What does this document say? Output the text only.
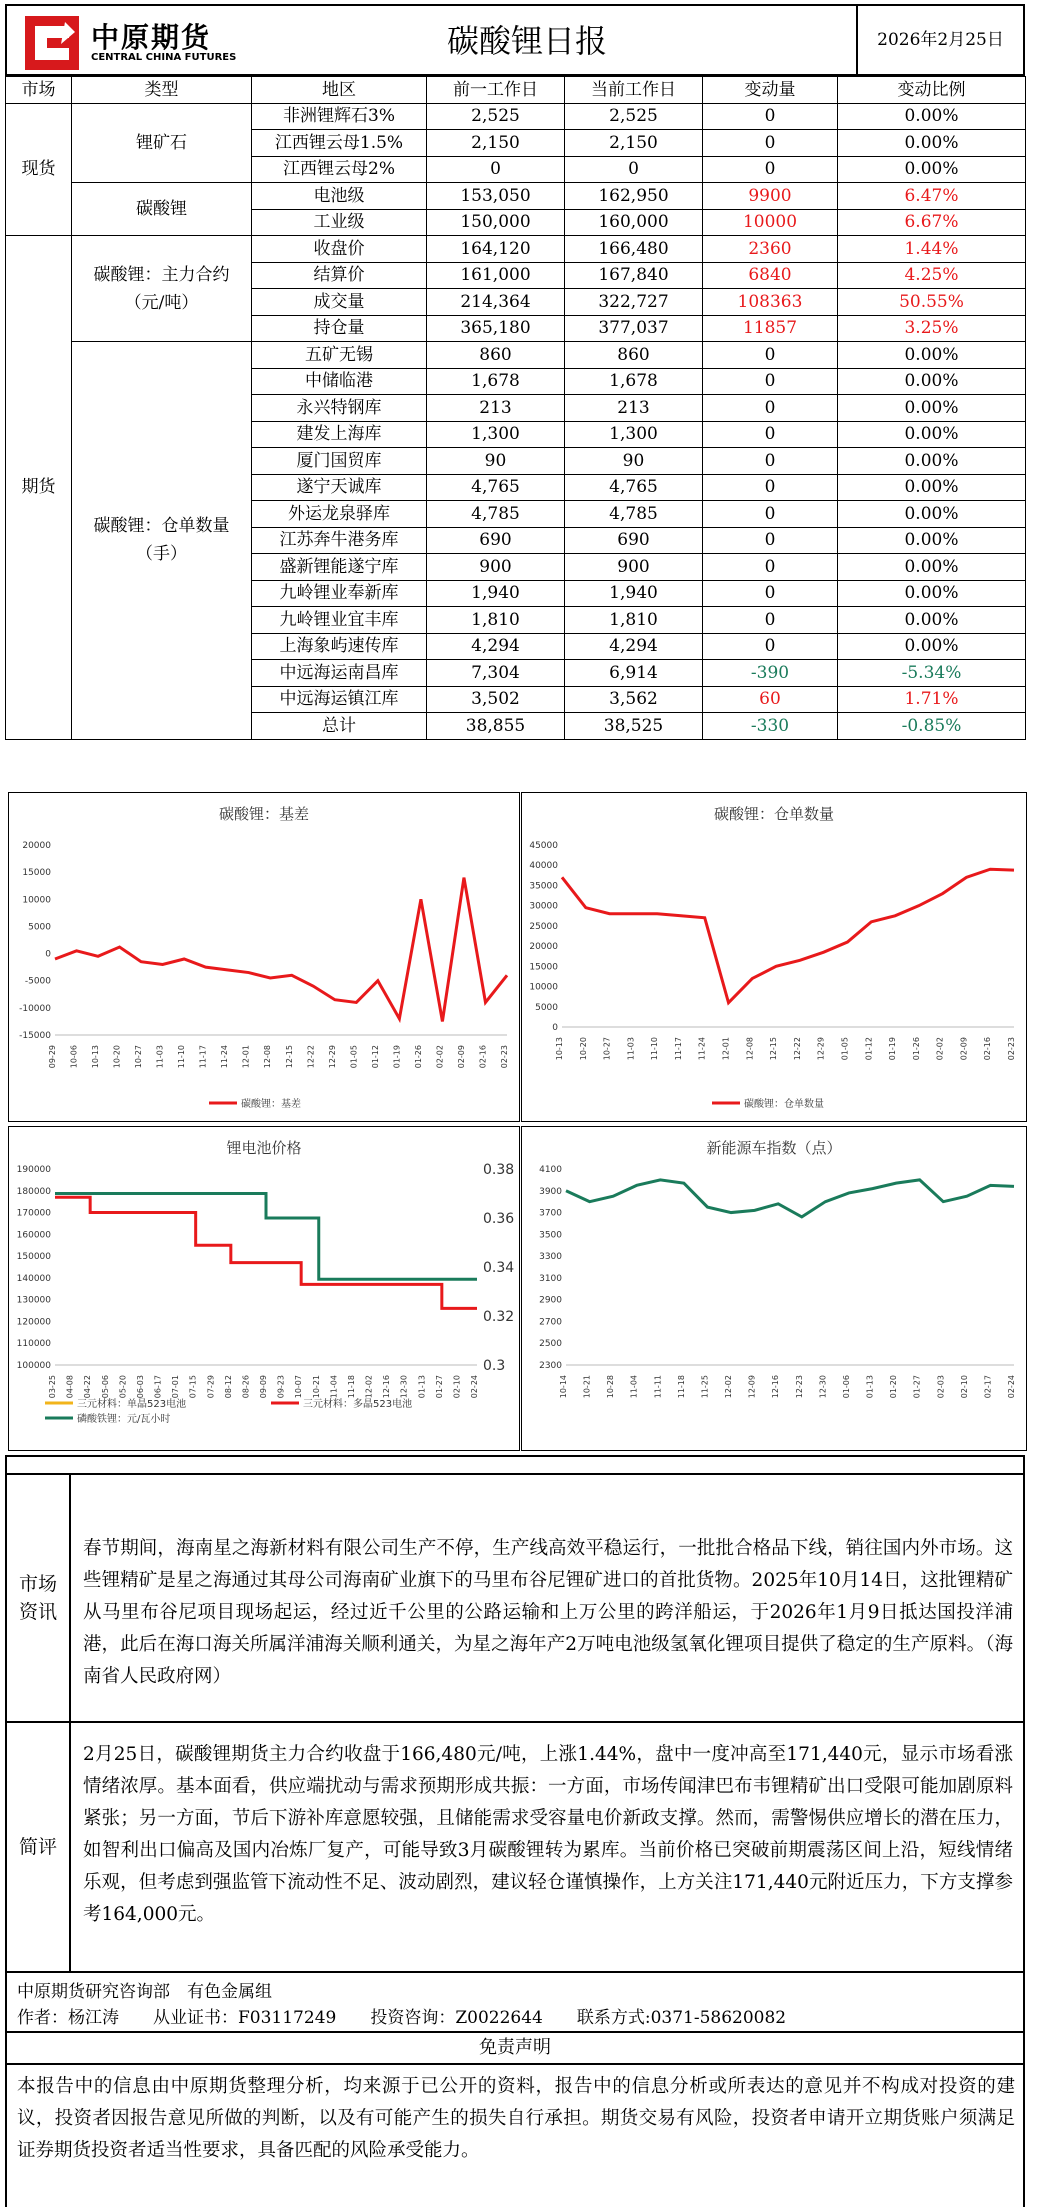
中原期货
CENTRAL CHINA FUTURES	碳酸锂日报	2026年2月25日
市场	类型	地区	前一工作日	当前工作日	变动量	变动比例
现货	锂矿石	非洲锂辉石3%	2,525	2,525	0	0.00%
		江西锂云母1.5%	2,150	2,150	0	0.00%
		江西锂云母2%	0	0	0	0.00%
	碳酸锂	电池级	153,050	162,950	9900	6.47%
		工业级	150,000	160,000	10000	6.67%
期货	碳酸锂：主力合约（元/吨）	收盘价	164,120	166,480	2360	1.44%
		结算价	161,000	167,840	6840	4.25%
		成交量	214,364	322,727	108363	50.55%
		持仓量	365,180	377,037	11857	3.25%
	碳酸锂：仓单数量（手）	五矿无锡	860	860	0	0.00%
		中储临港	1,678	1,678	0	0.00%
		永兴特钢库	213	213	0	0.00%
		建发上海库	1,300	1,300	0	0.00%
		厦门国贸库	90	90	0	0.00%
		遂宁天诚库	4,765	4,765	0	0.00%
		外运龙泉驿库	4,785	4,785	0	0.00%
		江苏奔牛港务库	690	690	0	0.00%
		盛新锂能遂宁库	900	900	0	0.00%
		九岭锂业奉新库	1,940	1,940	0	0.00%
		九岭锂业宜丰库	1,810	1,810	0	0.00%
		上海象屿速传库	4,294	4,294	0	0.00%
		中远海运南昌库	7,304	6,914	-390	-5.34%
		中远海运镇江库	3,502	3,562	60	1.71%
		总计	38,855	38,525	-330	-0.85%
碳酸锂：基差
-15000
-10000
-5000
0
5000
10000
15000
20000
09-29 10-06 10-13 10-20 10-27 11-03 11-10 11-17 11-24 12-01 12-08 12-15 12-22 12-29 01-05 01-12 01-19 01-26 02-02 02-09 02-16 02-23
碳酸锂：基差
碳酸锂：仓单数量
0
5000
10000
15000
20000
25000
30000
35000
40000
45000
10-13 10-20 10-27 11-03 11-10 11-17 11-24 12-01 12-08 12-15 12-22 12-29 01-05 01-12 01-19 01-26 02-02 02-09 02-16 02-23
碳酸锂：仓单数量
锂电池价格
100000
110000
120000
130000
140000
150000
160000
170000
180000
190000
0.3
0.32
0.34
0.36
0.38
03-25 04-08 04-22 05-06 05-20 06-03 06-17 07-01 07-15 07-29 08-12 08-26 09-09 09-23 10-07 10-21 11-04 11-18 12-02 12-16 12-30 01-13 01-27 02-10 02-24
三元材料：单晶523电池	三元材料：多晶523电池
磷酸铁锂：元/瓦小时
新能源车指数（点）
2300
2500
2700
2900
3100
3300
3500
3700
3900
4100
10-14 10-21 10-28 11-04 11-11 11-18 11-25 12-02 12-09 12-16 12-23 12-30 01-06 01-13 01-20 01-27 02-03 02-10 02-17 02-24
市场资讯
春节期间，海南星之海新材料有限公司生产不停，生产线高效平稳运行，一批批合格品下线，销往国内外市场。这些锂精矿是星之海通过其母公司海南矿业旗下的马里布谷尼锂矿进口的首批货物。2025年10月14日，这批锂精矿从马里布谷尼项目现场起运，经过近千公里的公路运输和上万公里的跨洋船运，于2026年1月9日抵达国投洋浦港，此后在海口海关所属洋浦海关顺利通关，为星之海年产2万吨电池级氢氧化锂项目提供了稳定的生产原料。（海南省人民政府网）
简评
2月25日，碳酸锂期货主力合约收盘于166,480元/吨，上涨1.44%，盘中一度冲高至171,440元，显示市场看涨情绪浓厚。基本面看，供应端扰动与需求预期形成共振：一方面，市场传闻津巴布韦锂精矿出口受限可能加剧原料紧张；另一方面，节后下游补库意愿较强，且储能需求受容量电价新政支撑。然而，需警惕供应增长的潜在压力，如智利出口偏高及国内冶炼厂复产，可能导致3月碳酸锂转为累库。当前价格已突破前期震荡区间上沿，短线情绪乐观，但考虑到强监管下流动性不足、波动剧烈，建议轻仓谨慎操作，上方关注171,440元附近压力，下方支撑参考164,000元。
中原期货研究咨询部　有色金属组
作者：杨江涛　　从业证书：F03117249　　投资咨询：Z0022644　　联系方式:0371-58620082
免责声明
本报告中的信息由中原期货整理分析，均来源于已公开的资料，报告中的信息分析或所表达的意见并不构成对投资的建议，投资者因报告意见所做的判断，以及有可能产生的损失自行承担。期货交易有风险，投资者申请开立期货账户须满足证券期货投资者适当性要求，具备匹配的风险承受能力。
